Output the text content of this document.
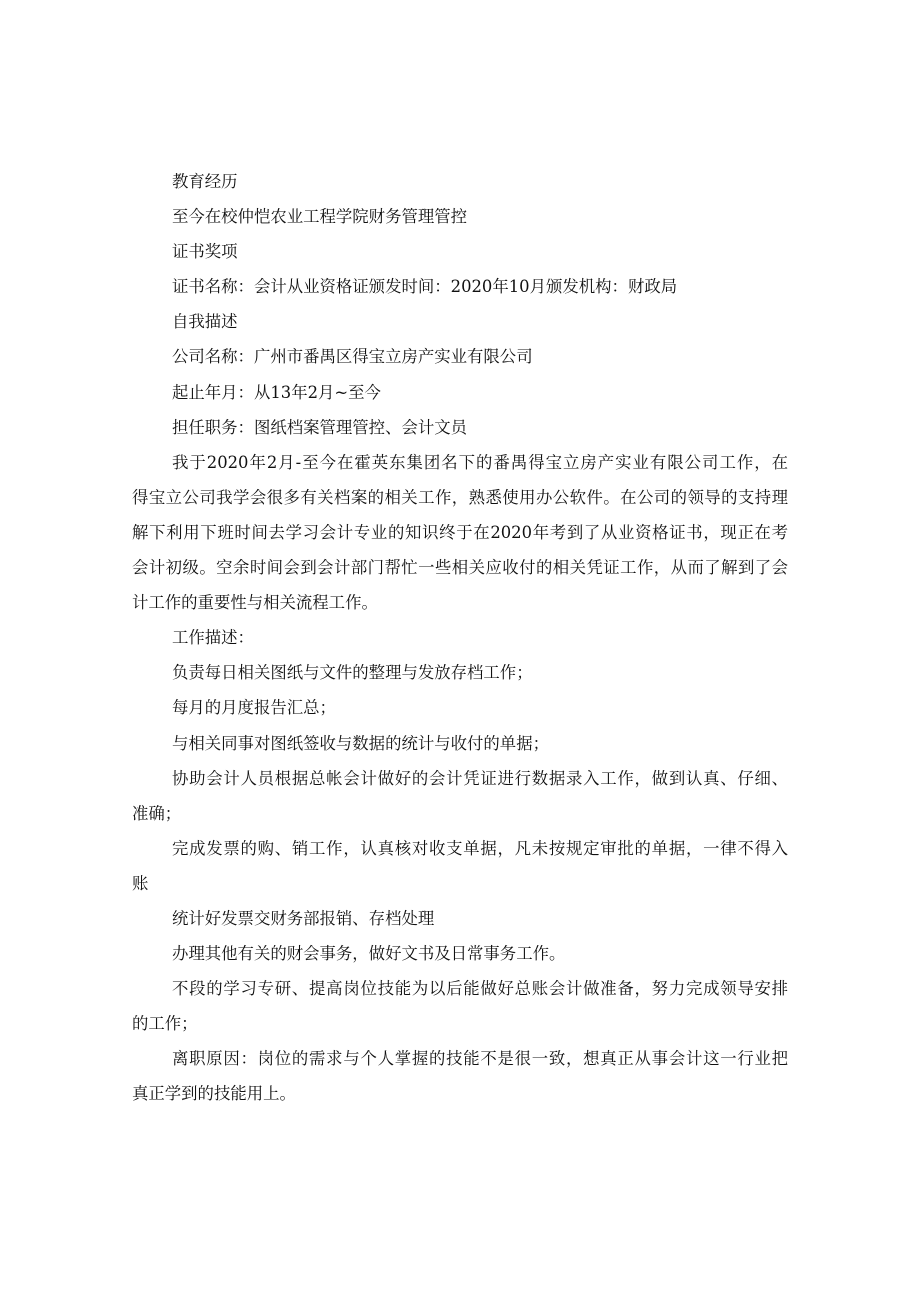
教育经历
至今在校仲恺农业工程学院财务管理管控
证书奖项
证书名称：会计从业资格证颁发时间：2020年10月颁发机构：财政局
自我描述
公司名称：广州市番禺区得宝立房产实业有限公司
起止年月：从13年2月~至今
担任职务：图纸档案管理管控、会计文员
我于2020年2月-至今在霍英东集团名下的番禺得宝立房产实业有限公司工作，在
得宝立公司我学会很多有关档案的相关工作，熟悉使用办公软件。在公司的领导的支持理
解下利用下班时间去学习会计专业的知识终于在2020年考到了从业资格证书，现正在考
会计初级。空余时间会到会计部门帮忙一些相关应收付的相关凭证工作，从而了解到了会
计工作的重要性与相关流程工作。
工作描述：
负责每日相关图纸与文件的整理与发放存档工作；
每月的月度报告汇总；
与相关同事对图纸签收与数据的统计与收付的单据；
协助会计人员根据总帐会计做好的会计凭证进行数据录入工作，做到认真、仔细、
准确；
完成发票的购、销工作，认真核对收支单据，凡未按规定审批的单据，一律不得入
账
统计好发票交财务部报销、存档处理
办理其他有关的财会事务，做好文书及日常事务工作。
不段的学习专研、提高岗位技能为以后能做好总账会计做准备，努力完成领导安排
的工作；
离职原因：岗位的需求与个人掌握的技能不是很一致，想真正从事会计这一行业把
真正学到的技能用上。
